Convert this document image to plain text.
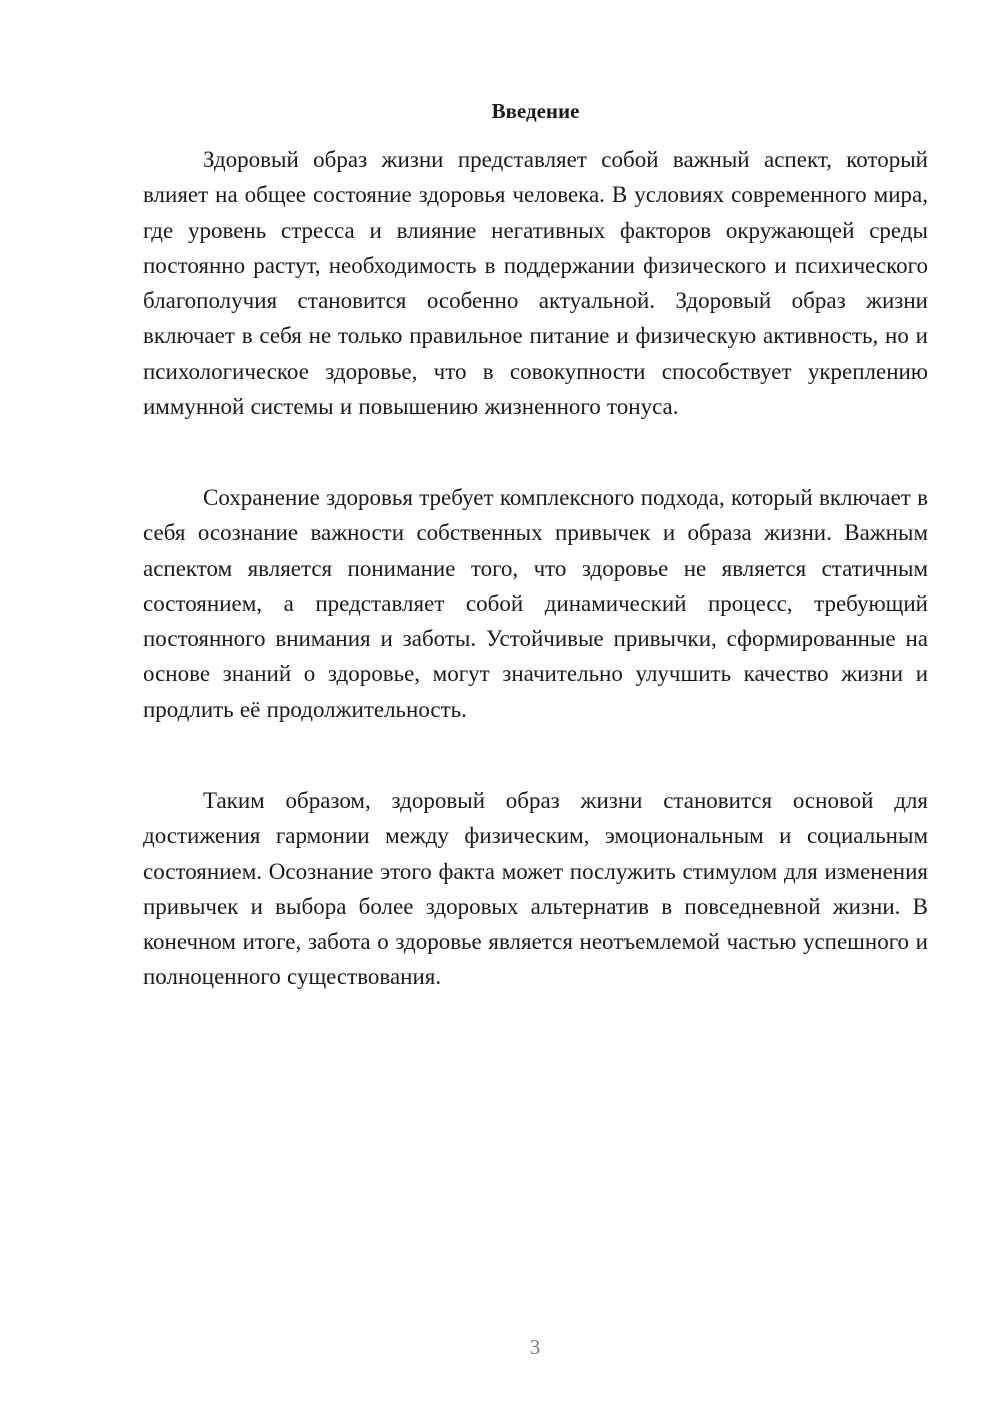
Введение

Здоровый образ жизни представляет собой важный аспект, который влияет на общее состояние здоровья человека. В условиях современного мира, где уровень стресса и влияние негативных факторов окружающей среды постоянно растут, необходимость в поддержании физического и психического благополучия становится особенно актуальной. Здоровый образ жизни включает в себя не только правильное питание и физическую активность, но и психологическое здоровье, что в совокупности способствует укреплению иммунной системы и повышению жизненного тонуса.

Сохранение здоровья требует комплексного подхода, который включает в себя осознание важности собственных привычек и образа жизни. Важным аспектом является понимание того, что здоровье не является статичным состоянием, а представляет собой динамический процесс, требующий постоянного внимания и заботы. Устойчивые привычки, сформированные на основе знаний о здоровье, могут значительно улучшить качество жизни и продлить её продолжительность.

Таким образом, здоровый образ жизни становится основой для достижения гармонии между физическим, эмоциональным и социальным состоянием. Осознание этого факта может послужить стимулом для изменения привычек и выбора более здоровых альтернатив в повседневной жизни. В конечном итоге, забота о здоровье является неотъемлемой частью успешного и полноценного существования.

3
